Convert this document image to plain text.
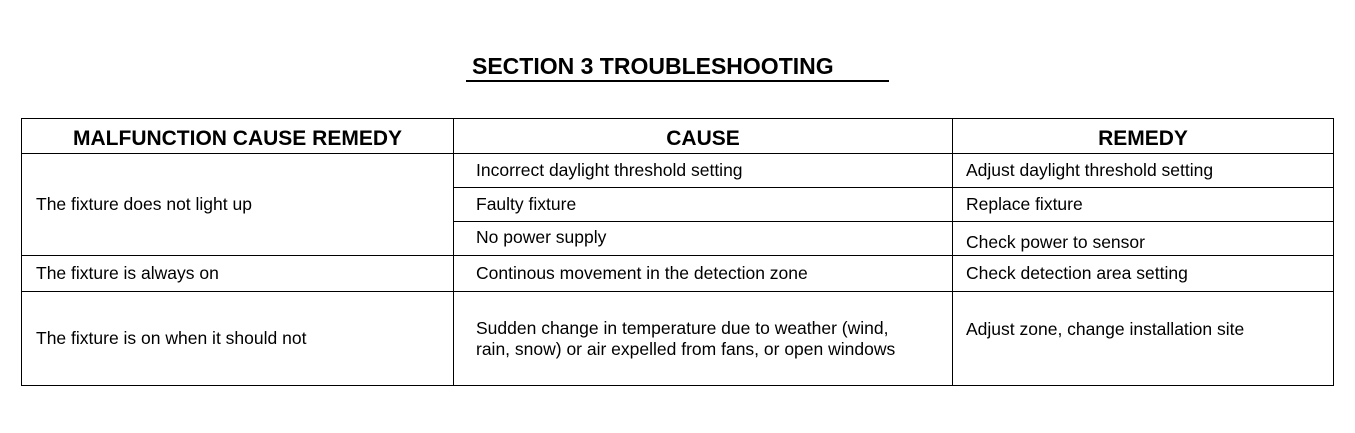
SECTION 3 TROUBLESHOOTING
MALFUNCTION CAUSE REMEDY	CAUSE	REMEDY
The fixture does not light up	Incorrect daylight threshold setting	Adjust daylight threshold setting
	Faulty fixture	Replace fixture
	No power supply	Check power to sensor
The fixture is always on	Continous movement in the detection zone	Check detection area setting
The fixture is on when it should not	Sudden change in temperature due to weather (wind,
rain, snow) or air expelled from fans, or open windows	Adjust zone, change installation site
